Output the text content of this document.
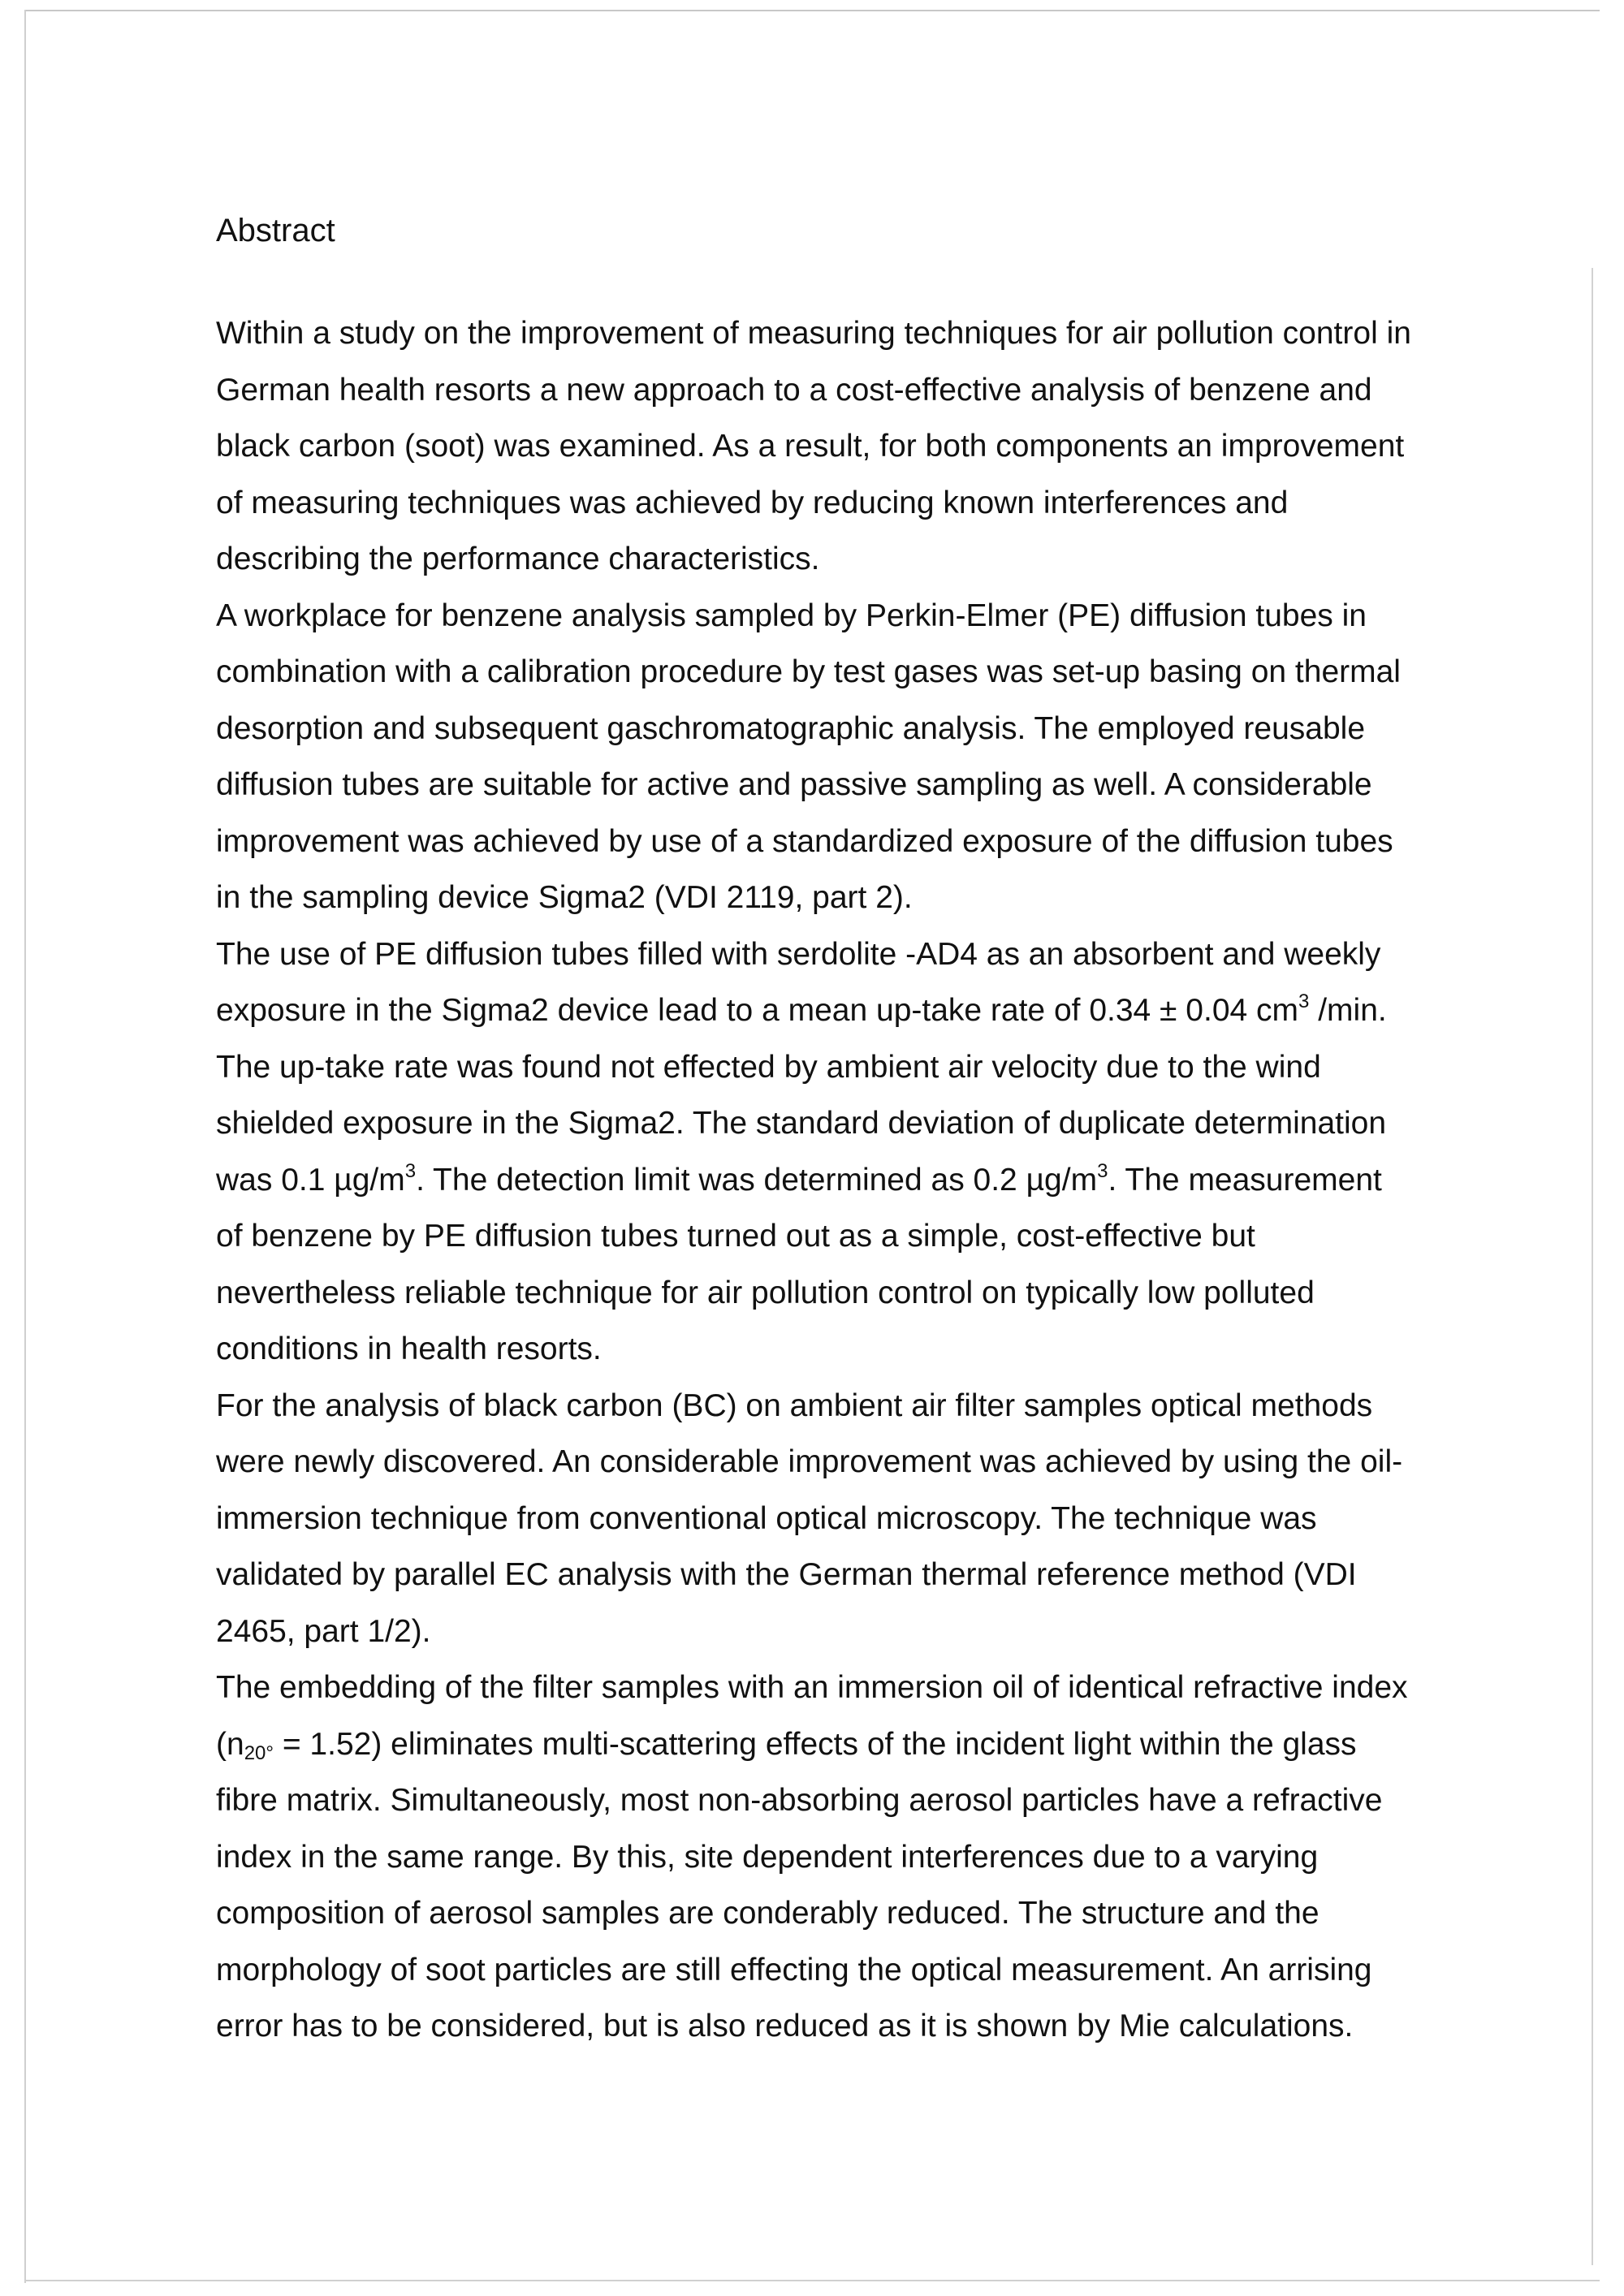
Abstract

Within a study on the improvement of measuring techniques for air pollution control in
German health resorts a new approach to a cost-effective analysis of benzene and
black carbon (soot) was examined. As a result, for both components an improvement
of measuring techniques was achieved by reducing known interferences and
describing the performance characteristics.

A workplace for benzene analysis sampled by Perkin-Elmer (PE) diffusion tubes in
combination with a calibration procedure by test gases was set-up basing on thermal
desorption and subsequent gaschromatographic analysis. The employed reusable
diffusion tubes are suitable for active and passive sampling as well. A considerable
improvement was achieved by use of a standardized exposure of the diffusion tubes
in the sampling device Sigma2 (VDI 2119, part 2).

The use of PE diffusion tubes filled with serdolite -AD4 as an absorbent and weekly
exposure in the Sigma2 device lead to a mean up-take rate of 0.34 ± 0.04 $cm^3$ /min.
The up-take rate was found not effected by ambient air velocity due to the wind
shielded exposure in the Sigma2. The standard deviation of duplicate determination
was 0.1 $\mu g/m^3$. The detection limit was determined as 0.2 $\mu g/m^3$. The measurement
of benzene by PE diffusion tubes turned out as a simple, cost-effective but
nevertheless reliable technique for air pollution control on typically low polluted
conditions in health resorts.

For the analysis of black carbon (BC) on ambient air filter samples optical methods
were newly discovered. An considerable improvement was achieved by using the oil-
immersion technique from conventional optical microscopy. The technique was
validated by parallel EC analysis with the German thermal reference method (VDI
2465, part 1/2).

The embedding of the filter samples with an immersion oil of identical refractive index
$(n_{20^\circ} = 1.52)$ eliminates multi-scattering effects of the incident light within the glass
fibre matrix. Simultaneously, most non-absorbing aerosol particles have a refractive
index in the same range. By this, site dependent interferences due to a varying
composition of aerosol samples are conderably reduced. The structure and the
morphology of soot particles are still effecting the optical measurement. An arrising
error has to be considered, but is also reduced as it is shown by Mie calculations.
